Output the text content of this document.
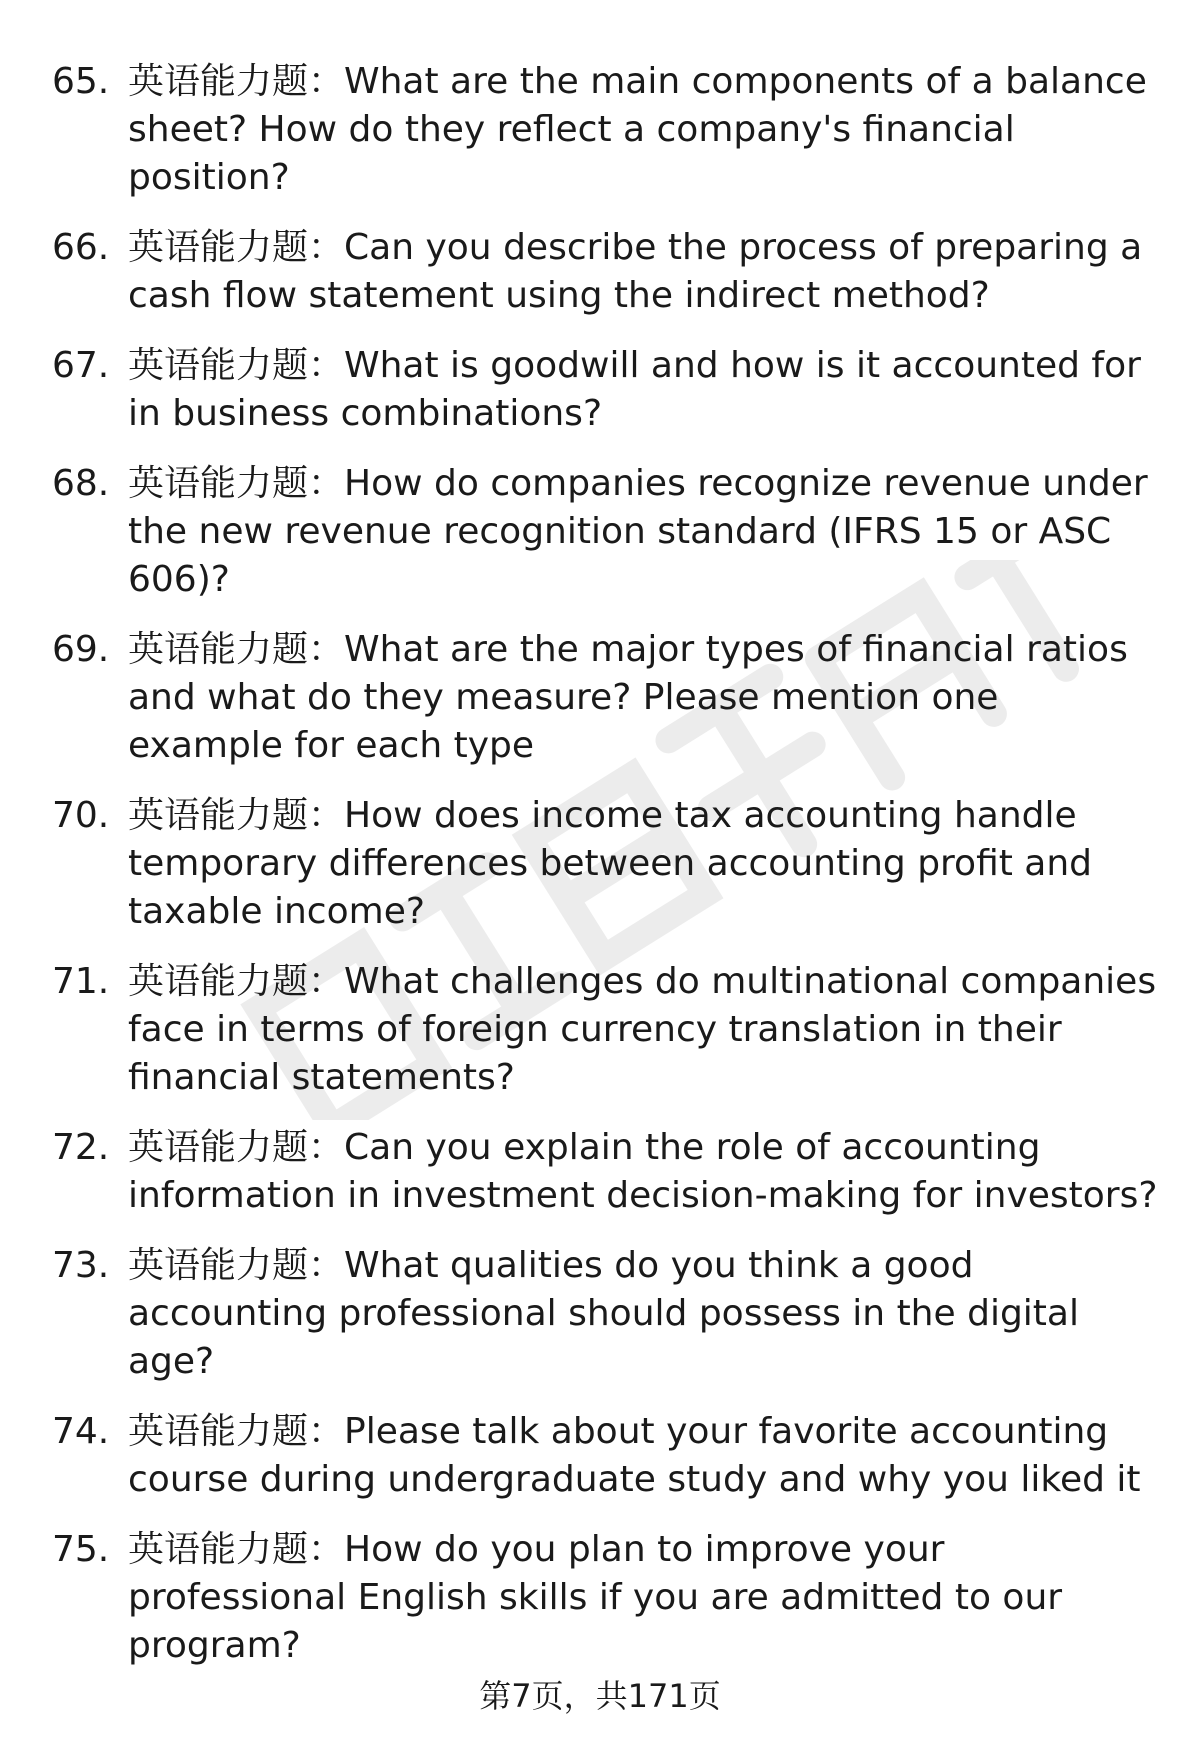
65. 英语能力题：What are the main components of a balance sheet? How do they reflect a company's financial position?
66. 英语能力题：Can you describe the process of preparing a cash flow statement using the indirect method?
67. 英语能力题：What is goodwill and how is it accounted for in business combinations?
68. 英语能力题：How do companies recognize revenue under the new revenue recognition standard (IFRS 15 or ASC 606)?
69. 英语能力题：What are the major types of financial ratios and what do they measure? Please mention one example for each type
70. 英语能力题：How does income tax accounting handle temporary differences between accounting profit and taxable income?
71. 英语能力题：What challenges do multinational companies face in terms of foreign currency translation in their financial statements?
72. 英语能力题：Can you explain the role of accounting information in investment decision-making for investors?
73. 英语能力题：What qualities do you think a good accounting professional should possess in the digital age?
74. 英语能力题：Please talk about your favorite accounting course during undergraduate study and why you liked it
75. 英语能力题：How do you plan to improve your professional English skills if you are admitted to our program?
第7页，共171页
